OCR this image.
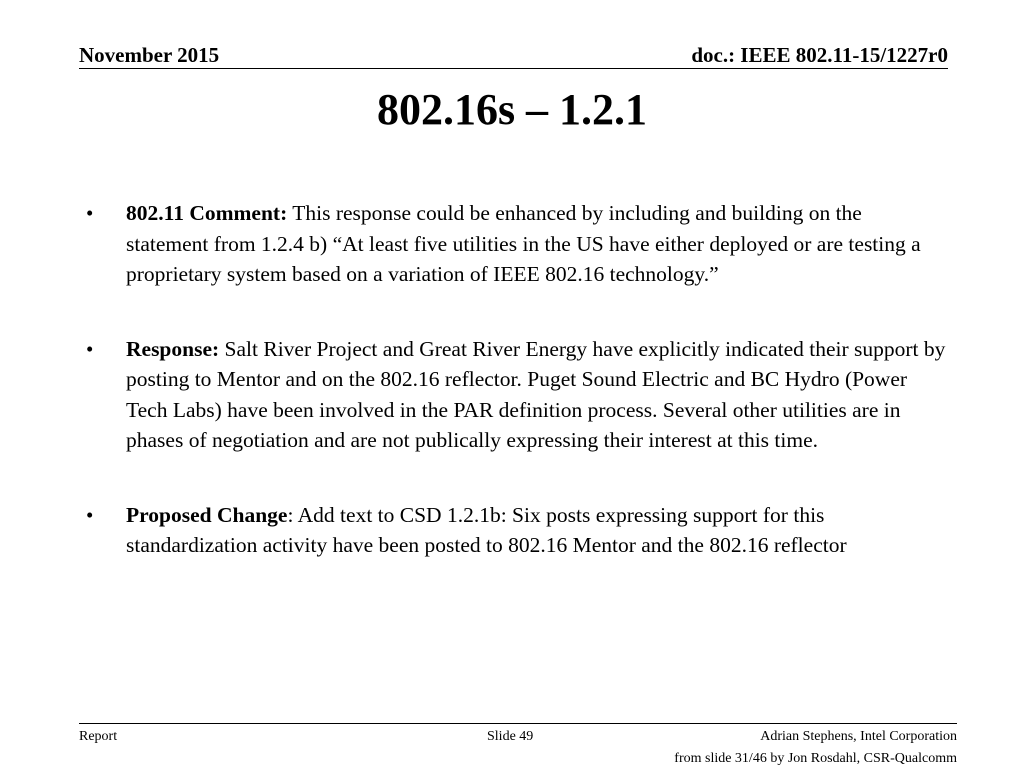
November 2015	doc.: IEEE 802.11-15/1227r0
802.16s – 1.2.1
• 802.11 Comment: This response could be enhanced by including and building on the statement from 1.2.4 b) “At least five utilities in the US have either deployed or are testing a proprietary system based on a variation of IEEE 802.16 technology.”
• Response: Salt River Project and Great River Energy have explicitly indicated their support by posting to Mentor and on the 802.16 reflector. Puget Sound Electric and BC Hydro (Power Tech Labs) have been involved in the PAR definition process. Several other utilities are in phases of negotiation and are not publically expressing their interest at this time.
• Proposed Change: Add text to CSD 1.2.1b: Six posts expressing support for this standardization activity have been posted to 802.16 Mentor and the 802.16 reflector
Report	Slide 49	Adrian Stephens, Intel Corporation
from slide 31/46 by Jon Rosdahl, CSR-Qualcomm
